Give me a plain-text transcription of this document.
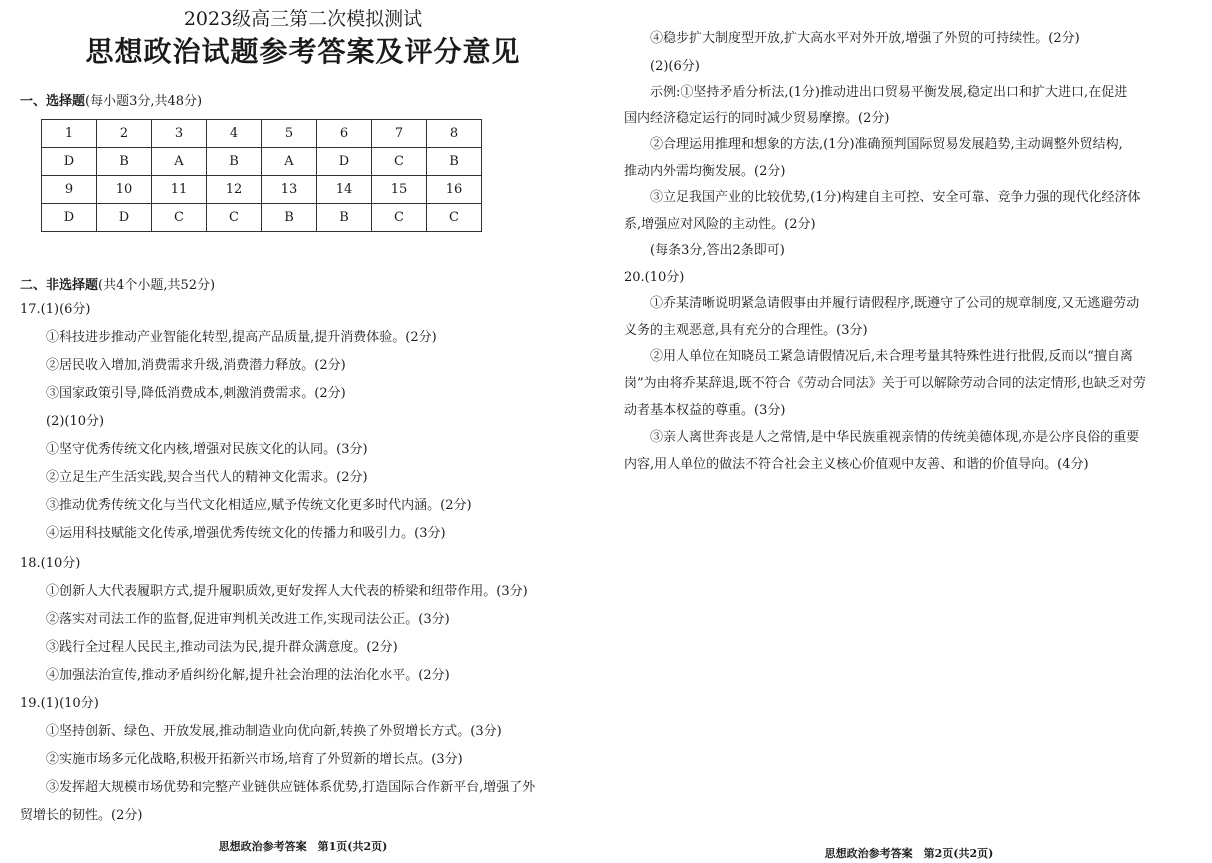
2023级高三第二次模拟测试
思想政治试题参考答案及评分意见
一、选择题(每小题3分,共48分)
1	2	3	4	5	6	7	8
D	B	A	B	A	D	C	B
9	10	11	12	13	14	15	16
D	D	C	C	B	B	C	C
二、非选择题(共4个小题,共52分)
17.(1)(6分)
①科技进步推动产业智能化转型,提高产品质量,提升消费体验。(2分)
②居民收入增加,消费需求升级,消费潜力释放。(2分)
③国家政策引导,降低消费成本,刺激消费需求。(2分)
(2)(10分)
①坚守优秀传统文化内核,增强对民族文化的认同。(3分)
②立足生产生活实践,契合当代人的精神文化需求。(2分)
③推动优秀传统文化与当代文化相适应,赋予传统文化更多时代内涵。(2分)
④运用科技赋能文化传承,增强优秀传统文化的传播力和吸引力。(3分)
18.(10分)
①创新人大代表履职方式,提升履职质效,更好发挥人大代表的桥梁和纽带作用。(3分)
②落实对司法工作的监督,促进审判机关改进工作,实现司法公正。(3分)
③践行全过程人民民主,推动司法为民,提升群众满意度。(2分)
④加强法治宣传,推动矛盾纠纷化解,提升社会治理的法治化水平。(2分)
19.(1)(10分)
①坚持创新、绿色、开放发展,推动制造业向优向新,转换了外贸增长方式。(3分)
②实施市场多元化战略,积极开拓新兴市场,培育了外贸新的增长点。(3分)
③发挥超大规模市场优势和完整产业链供应链体系优势,打造国际合作新平台,增强了外
贸增长的韧性。(2分)
思想政治参考答案　第1页(共2页)
④稳步扩大制度型开放,扩大高水平对外开放,增强了外贸的可持续性。(2分)
(2)(6分)
示例:①坚持矛盾分析法,(1分)推动进出口贸易平衡发展,稳定出口和扩大进口,在促进
国内经济稳定运行的同时减少贸易摩擦。(2分)
②合理运用推理和想象的方法,(1分)准确预判国际贸易发展趋势,主动调整外贸结构,
推动内外需均衡发展。(2分)
③立足我国产业的比较优势,(1分)构建自主可控、安全可靠、竞争力强的现代化经济体
系,增强应对风险的主动性。(2分)
(每条3分,答出2条即可)
20.(10分)
①乔某清晰说明紧急请假事由并履行请假程序,既遵守了公司的规章制度,又无逃避劳动
义务的主观恶意,具有充分的合理性。(3分)
②用人单位在知晓员工紧急请假情况后,未合理考量其特殊性进行批假,反而以“擅自离
岗”为由将乔某辞退,既不符合《劳动合同法》关于可以解除劳动合同的法定情形,也缺乏对劳
动者基本权益的尊重。(3分)
③亲人离世奔丧是人之常情,是中华民族重视亲情的传统美德体现,亦是公序良俗的重要
内容,用人单位的做法不符合社会主义核心价值观中友善、和谐的价值导向。(4分)
思想政治参考答案　第2页(共2页)
